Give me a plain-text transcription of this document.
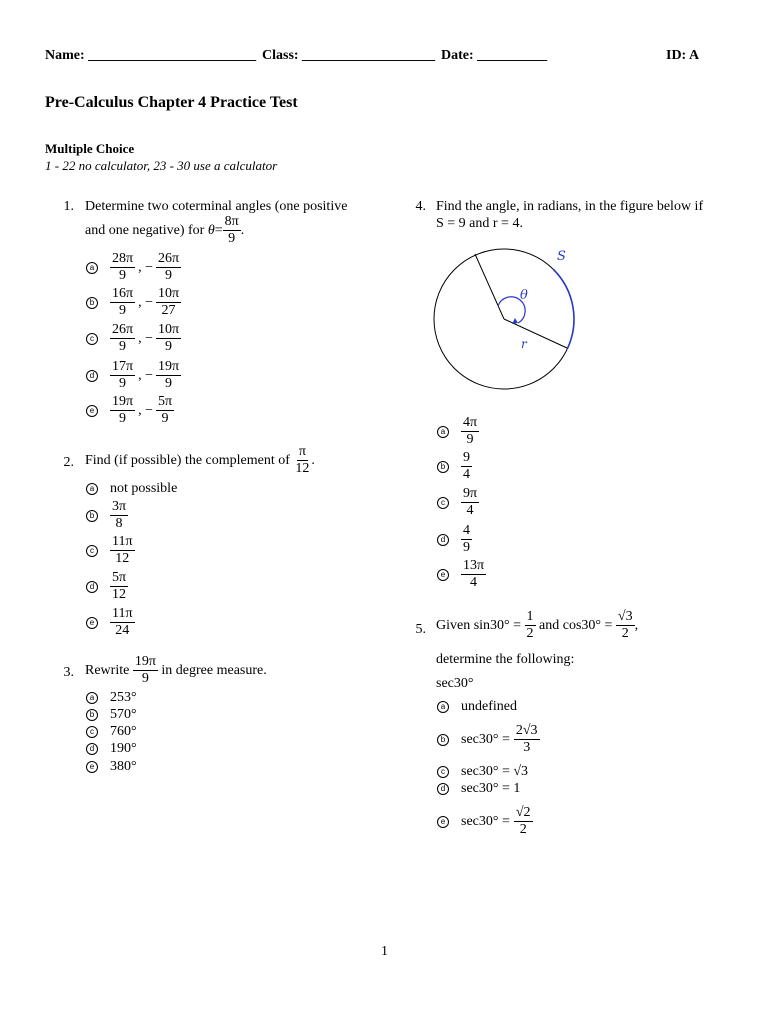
Name: ________________________ Class: ___________________ Date: __________	ID: A
Pre-Calculus Chapter 4 Practice Test
Multiple Choice
1 - 22 no calculator, 23 - 30 use a calculator
1. Determine two coterminal angles (one positive
and one negative) for
$\theta = \frac{8\pi}{9}$ .
a $\frac{28\pi}{9}$ , − $\frac{26\pi}{9}$
b $\frac{16\pi}{9}$ , − $\frac{10\pi}{27}$
c $\frac{26\pi}{9}$ , − $\frac{10\pi}{9}$
d $\frac{17\pi}{9}$ , − $\frac{19\pi}{9}$
e $\frac{19\pi}{9}$ , − $\frac{5\pi}{9}$
2. Find (if possible) the complement of
$\frac{\pi}{12}$ .
a not possible
b $\frac{3\pi}{8}$
c $\frac{11\pi}{12}$
d $\frac{5\pi}{12}$
e $\frac{11\pi}{24}$
3. Rewrite
$\frac{19\pi}{9}$
in degree measure.
a 253°
b 570°
c 760°
d 190°
e 380°
4. Find the angle, in radians, in the figure below if
S = 9 and r = 4.
S
θ
r
a $\frac{4\pi}{9}$
b $\frac{9}{4}$
c $\frac{9\pi}{4}$
d $\frac{4}{9}$
e $\frac{13\pi}{4}$
5. Given sin30° =
$\frac{1}{2}$
and cos30° =
$\frac{√3}{2}$ ,
determine the following:
sec30°
a undefined
b $\sec 30^\circ = \frac{2√3}{3}$
c sec30° = √3
d sec30° = 1
e $\sec 30^\circ = \frac{√2}{2}$
1
